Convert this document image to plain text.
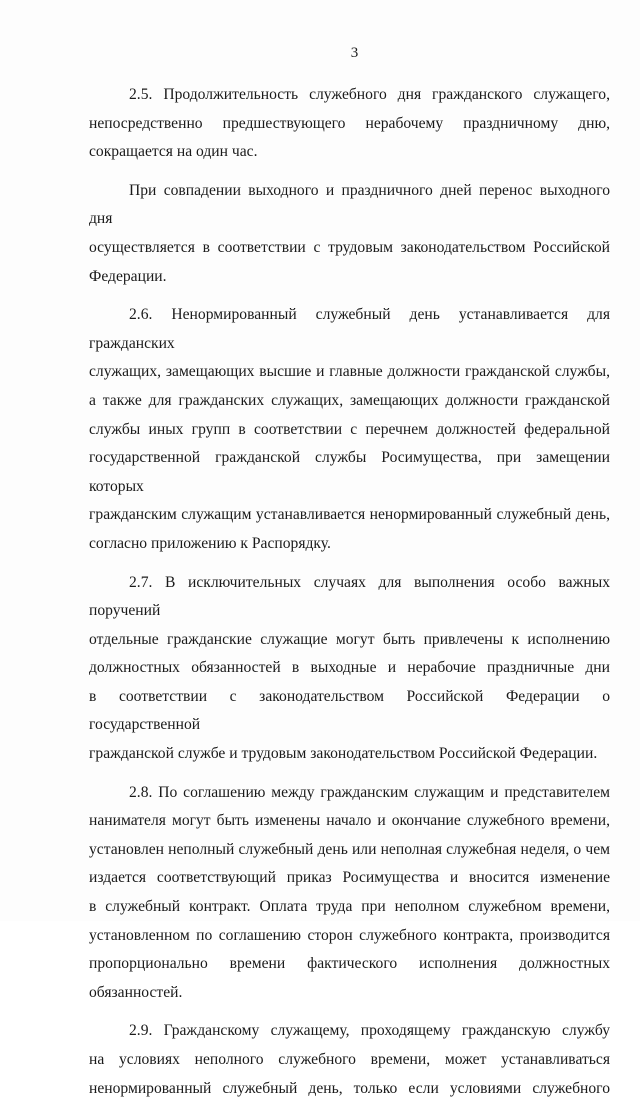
3
2.5. Продолжительность служебного дня гражданского служащего,
непосредственно предшествующего нерабочему праздничному дню,
сокращается на один час.
При совпадении выходного и праздничного дней перенос выходного дня
осуществляется в соответствии с трудовым законодательством Российской
Федерации.
2.6. Ненормированный служебный день устанавливается для гражданских
служащих, замещающих высшие и главные должности гражданской службы,
а также для гражданских служащих, замещающих должности гражданской
службы иных групп в соответствии с перечнем должностей федеральной
государственной гражданской службы Росимущества, при замещении которых
гражданским служащим устанавливается ненормированный служебный день,
согласно приложению к Распорядку.
2.7. В исключительных случаях для выполнения особо важных поручений
отдельные гражданские служащие могут быть привлечены к исполнению
должностных обязанностей в выходные и нерабочие праздничные дни
в соответствии с законодательством Российской Федерации о государственной
гражданской службе и трудовым законодательством Российской Федерации.
2.8. По соглашению между гражданским служащим и представителем
нанимателя могут быть изменены начало и окончание служебного времени,
установлен неполный служебный день или неполная служебная неделя, о чем
издается соответствующий приказ Росимущества и вносится изменение
в служебный контракт. Оплата труда при неполном служебном времени,
установленном по соглашению сторон служебного контракта, производится
пропорционально времени фактического исполнения должностных
обязанностей.
2.9. Гражданскому служащему, проходящему гражданскую службу
на условиях неполного служебного времени, может устанавливаться
ненормированный служебный день, только если условиями служебного
